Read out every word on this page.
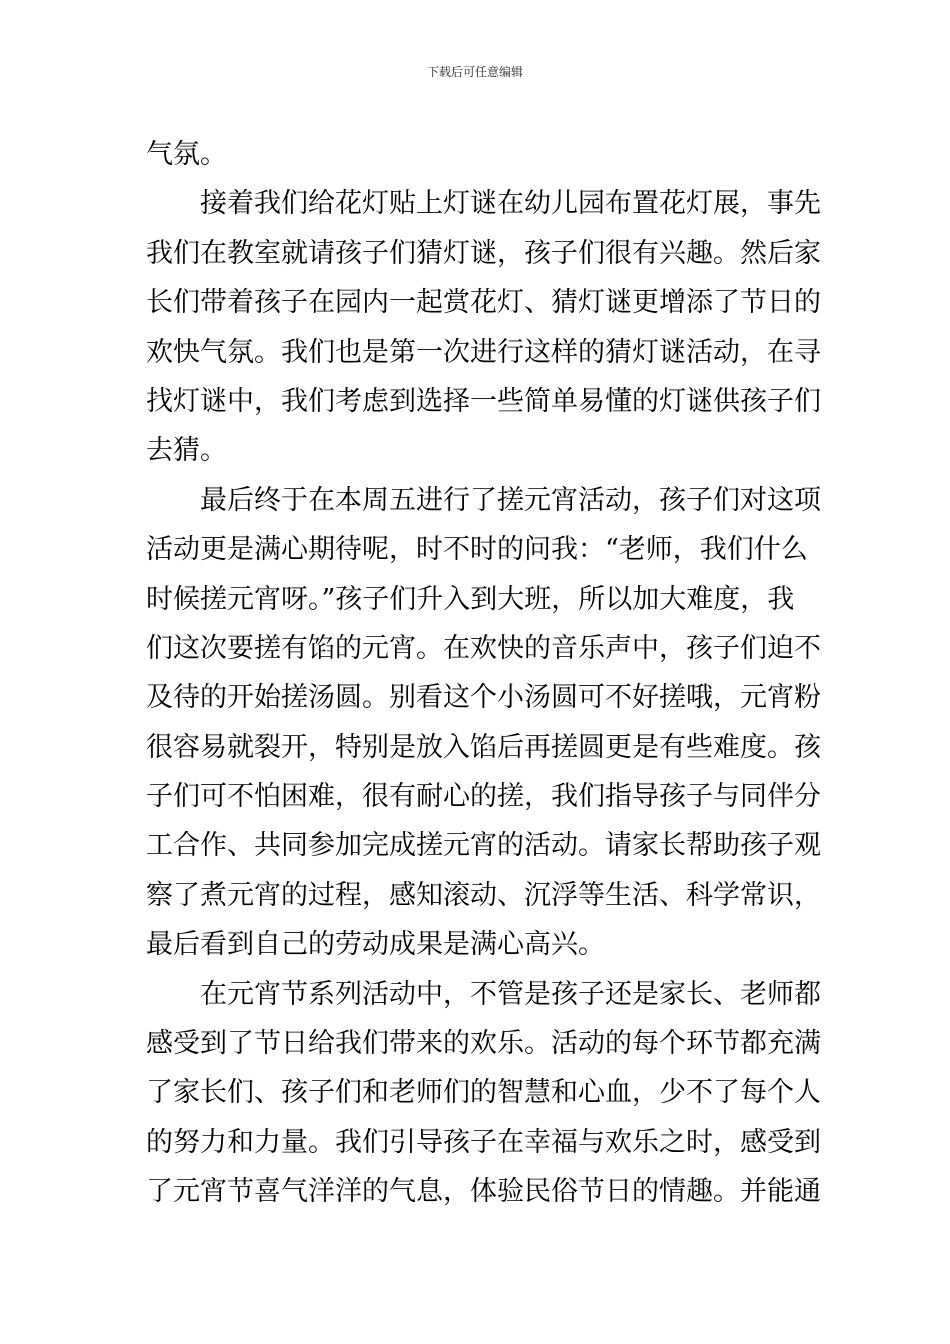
下载后可任意编辑
气氛。
接着我们给花灯贴上灯谜在幼儿园布置花灯展，事先
我们在教室就请孩子们猜灯谜，孩子们很有兴趣。然后家
长们带着孩子在园内一起赏花灯、猜灯谜更增添了节日的
欢快气氛。我们也是第一次进行这样的猜灯谜活动，在寻
找灯谜中，我们考虑到选择一些简单易懂的灯谜供孩子们
去猜。
最后终于在本周五进行了搓元宵活动，孩子们对这项
活动更是满心期待呢，时不时的问我：“老师，我们什么
时候搓元宵呀。”孩子们升入到大班，所以加大难度，我
们这次要搓有馅的元宵。在欢快的音乐声中，孩子们迫不
及待的开始搓汤圆。别看这个小汤圆可不好搓哦，元宵粉
很容易就裂开，特别是放入馅后再搓圆更是有些难度。孩
子们可不怕困难，很有耐心的搓，我们指导孩子与同伴分
工合作、共同参加完成搓元宵的活动。请家长帮助孩子观
察了煮元宵的过程，感知滚动、沉浮等生活、科学常识，
最后看到自己的劳动成果是满心高兴。
在元宵节系列活动中，不管是孩子还是家长、老师都
感受到了节日给我们带来的欢乐。活动的每个环节都充满
了家长们、孩子们和老师们的智慧和心血，少不了每个人
的努力和力量。我们引导孩子在幸福与欢乐之时，感受到
了元宵节喜气洋洋的气息，体验民俗节日的情趣。并能通
